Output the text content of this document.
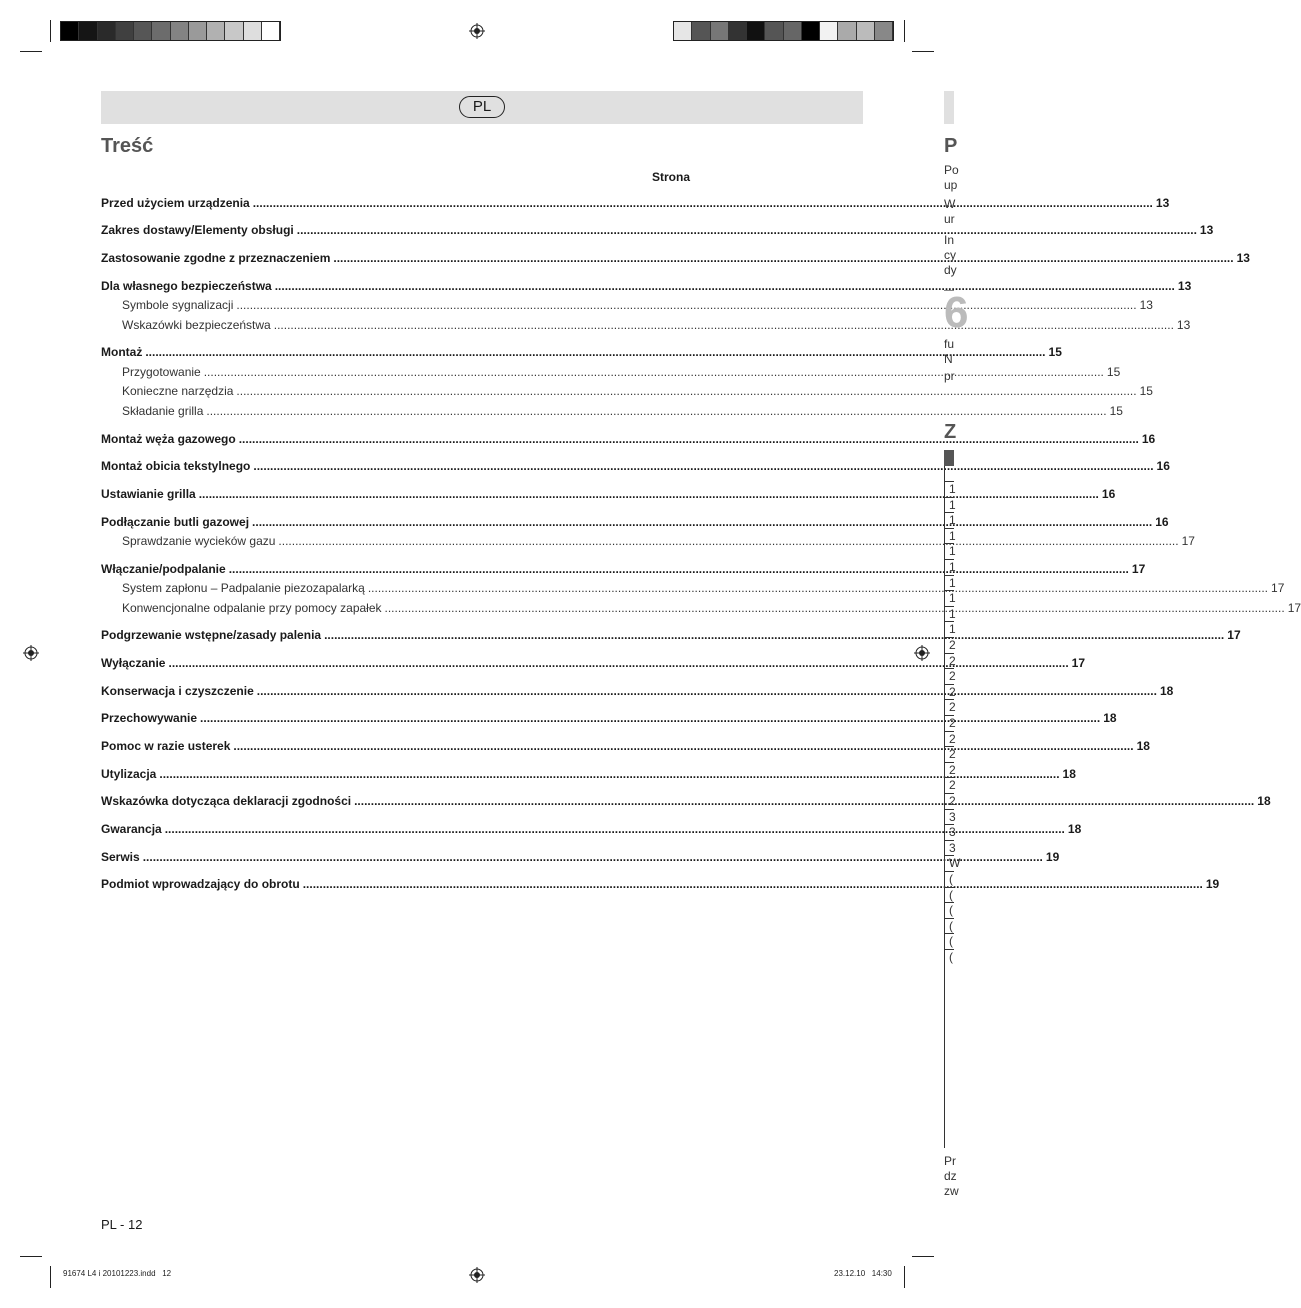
PL
Treść
Strona
Przed użyciem urządzenia .....	13
Zakres dostawy/Elementy obsługi .....	13
Zastosowanie zgodne z przeznaczeniem .....	13
Dla własnego bezpieczeństwa .....	13
Symbole sygnalizacji .....	13
Wskazówki bezpieczeństwa .....	13
Montaż .....	15
Przygotowanie .....	15
Konieczne narzędzia .....	15
Składanie grilla .....	15
Montaż węża gazowego .....	16
Montaż obicia tekstylnego .....	16
Ustawianie grilla .....	16
Podłączanie butli gazowej .....	16
Sprawdzanie wycieków gazu .....	17
Włączanie/podpalanie .....	17
System zapłonu – Padpalanie piezozapalarką .....	17
Konwencjonalne odpalanie przy pomocy zapałek .....	17
Podgrzewanie wstępne/zasady palenia .....	17
Wyłączanie .....	17
Konserwacja i czyszczenie .....	18
Przechowywanie .....	18
Pomoc w razie usterek .....	18
Utylizacja .....	18
Wskazówka dotycząca deklaracji zgodności .....	18
Gwarancja .....	18
Serwis .....	19
Podmiot wprowadzający do obrotu .....	19
PL - 12
91674 L4 i 20101223.indd   12	23.12.10   14:30
P
Po
up
W
ur
In
cy
dy
6
fu
N
pr
Z
1
1
1
1
1
1
1
1
1
1
2
2
2
2
2
2
2
2
2
2
2
3
3
3
W
(
(
(
(
(
(
Pr
dz
zw
